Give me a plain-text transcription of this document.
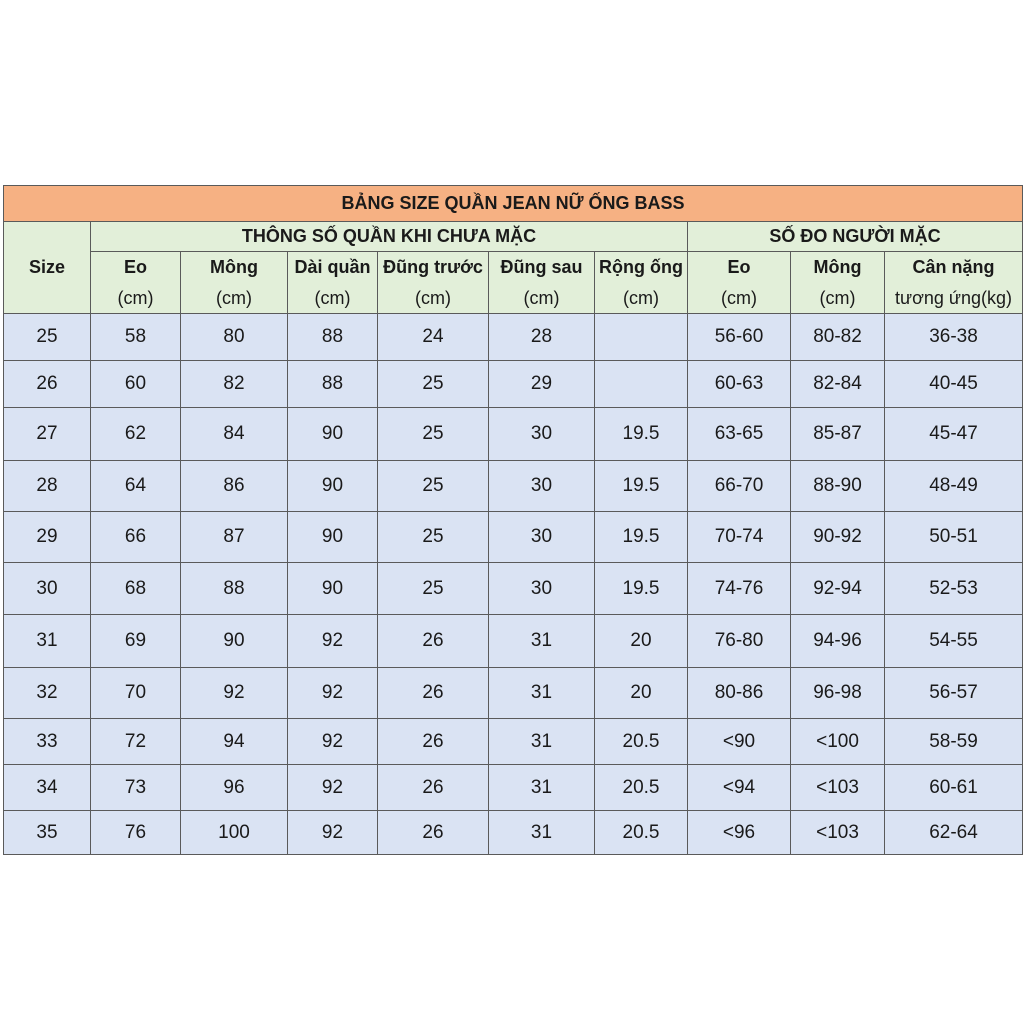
BẢNG SIZE QUẦN JEAN NỮ ỐNG BASS									
Size	THÔNG SỐ QUẦN KHI CHƯA MẶC						SỐ ĐO NGƯỜI MẶC		
	Eo	Mông	Dài quần	Đũng trước	Đũng sau	Rộng ống	Eo	Mông	Cân nặng
	(cm)	(cm)	(cm)	(cm)	(cm)	(cm)	(cm)	(cm)	tương ứng(kg)
25	58	80	88	24	28		56-60	80-82	36-38
26	60	82	88	25	29		60-63	82-84	40-45
27	62	84	90	25	30	19.5	63-65	85-87	45-47
28	64	86	90	25	30	19.5	66-70	88-90	48-49
29	66	87	90	25	30	19.5	70-74	90-92	50-51
30	68	88	90	25	30	19.5	74-76	92-94	52-53
31	69	90	92	26	31	20	76-80	94-96	54-55
32	70	92	92	26	31	20	80-86	96-98	56-57
33	72	94	92	26	31	20.5	<90	<100	58-59
34	73	96	92	26	31	20.5	<94	<103	60-61
35	76	100	92	26	31	20.5	<96	<103	62-64
